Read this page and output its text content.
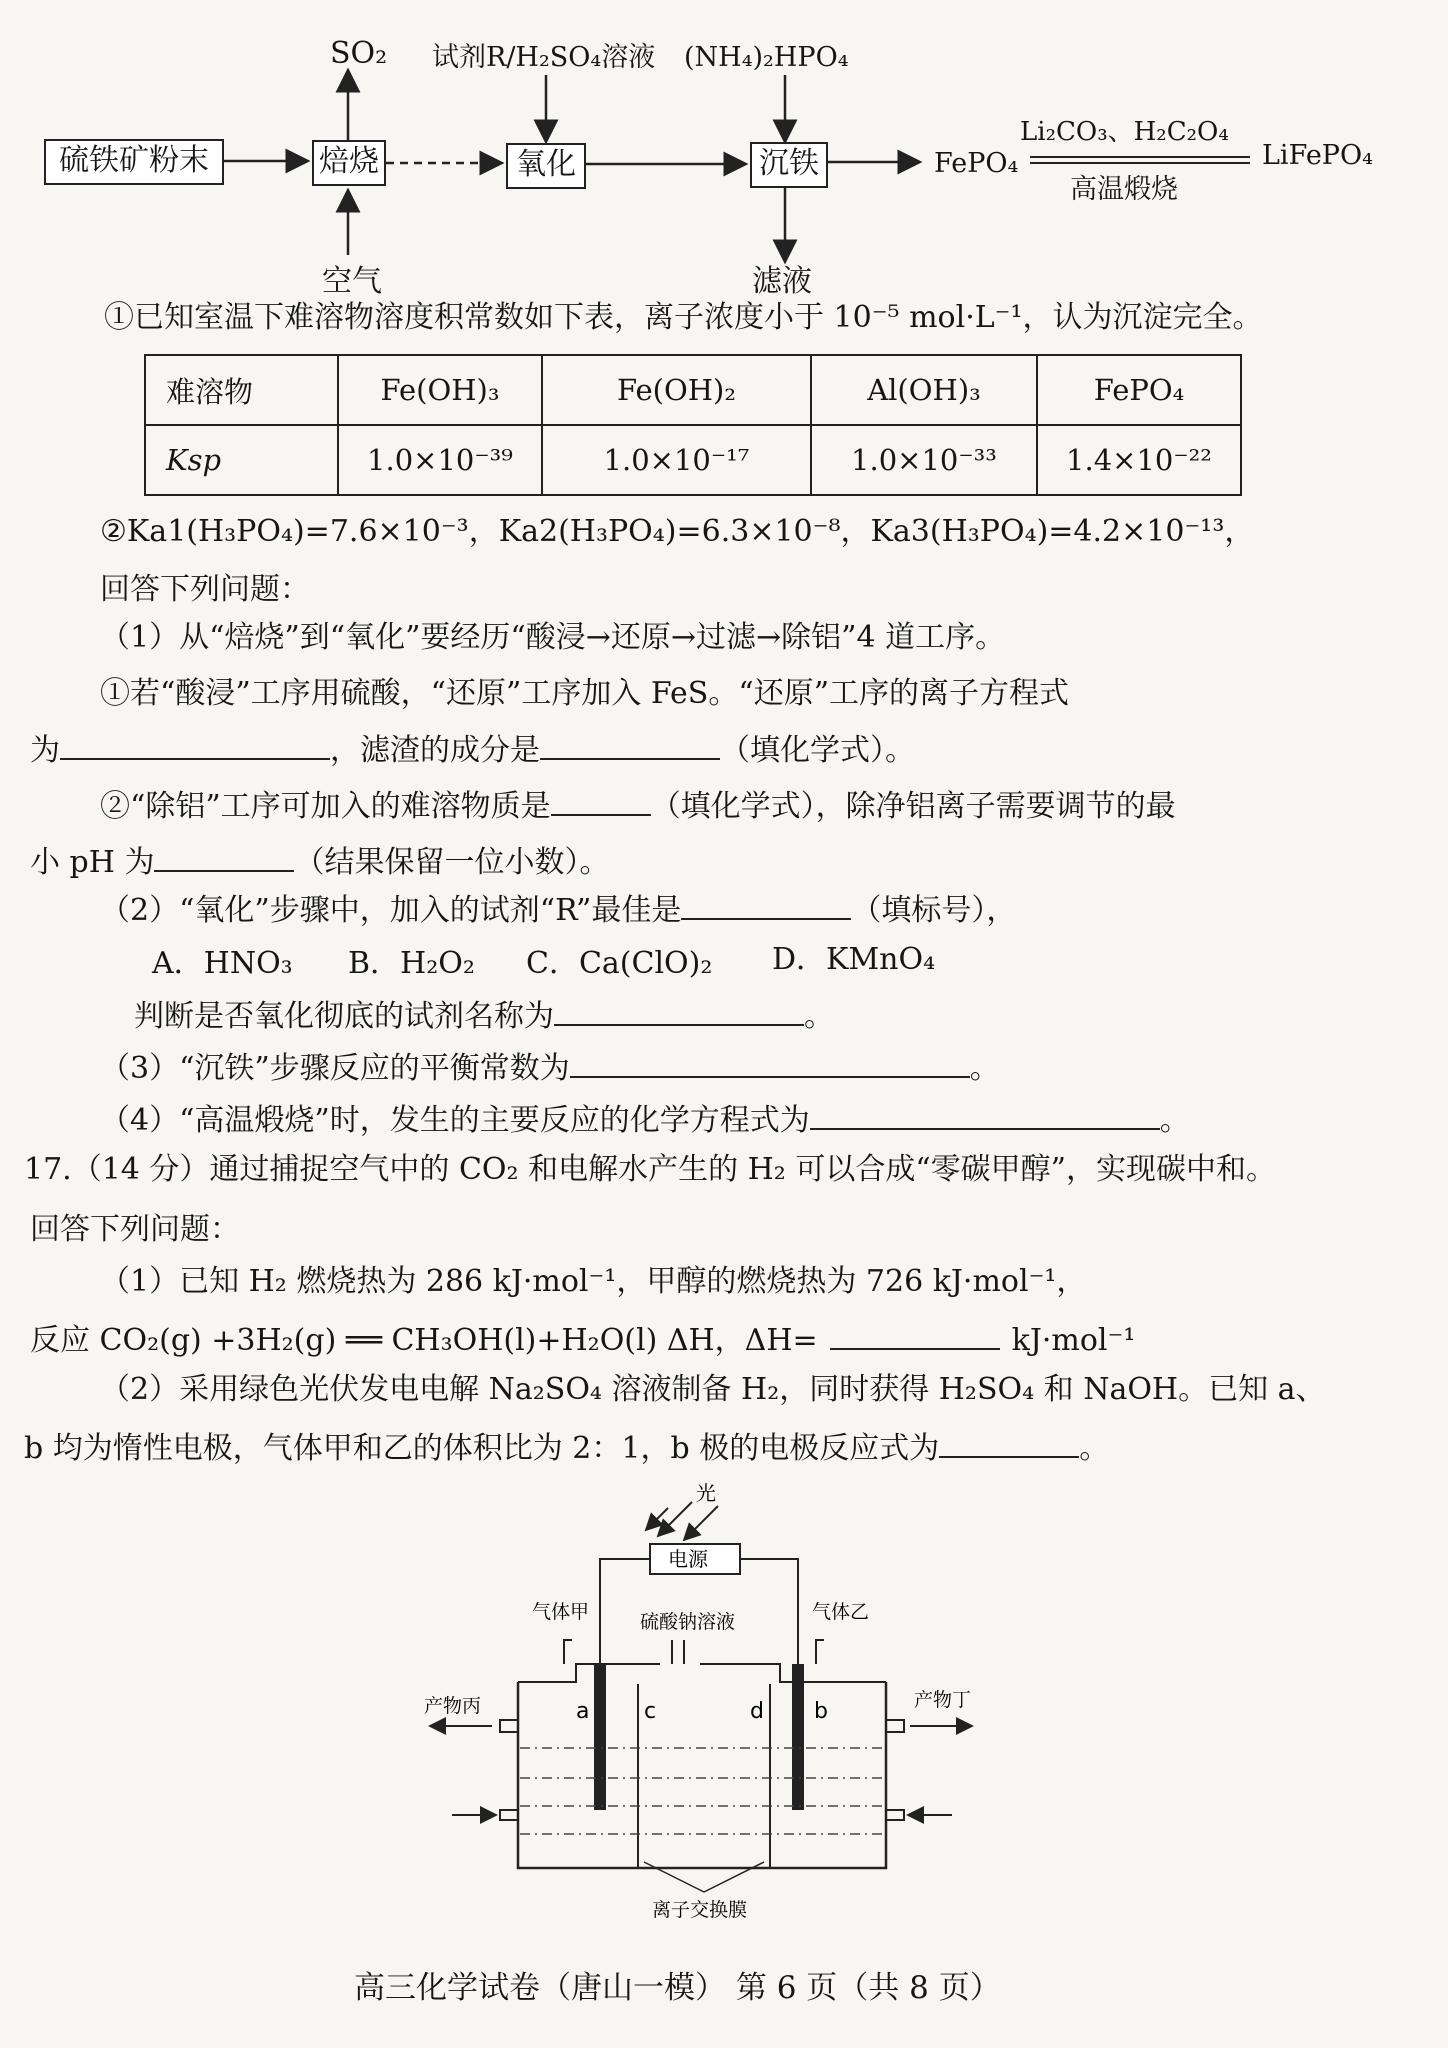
硫铁矿粉末	焙烧	氧化	沉铁
SO₂ 试剂R/H₂SO₄溶液 (NH₄)₂HPO₄
空气	滤液
FePO₄
Li₂CO₃、H₂C₂O₄
高温煅烧
LiFePO₄
①已知室温下难溶物溶度积常数如下表，离子浓度小于 10⁻⁵ mol·L⁻¹，认为沉淀完全。
难溶物	Fe(OH)₃	Fe(OH)₂	Al(OH)₃	FePO₄
Ksp	1.0×10⁻³⁹	1.0×10⁻¹⁷	1.0×10⁻³³	1.4×10⁻²²
②Ka1(H₃PO₄)=7.6×10⁻³，Ka2(H₃PO₄)=6.3×10⁻⁸，Ka3(H₃PO₄)=4.2×10⁻¹³，
回答下列问题：
（1）从“焙烧”到“氧化”要经历“酸浸→还原→过滤→除铝”4 道工序。
①若“酸浸”工序用硫酸，“还原”工序加入 FeS。“还原”工序的离子方程式
为	，滤渣的成分是	（填化学式）。
②“除铝”工序可加入的难溶物质是	（填化学式），除净铝离子需要调节的最
小 pH 为	（结果保留一位小数）。
（2）“氧化”步骤中，加入的试剂“R”最佳是	（填标号），
A．HNO₃ B．H₂O₂ C．Ca(ClO)₂ D．KMnO₄
判断是否氧化彻底的试剂名称为	。
（3）“沉铁”步骤反应的平衡常数为	。
（4）“高温煅烧”时，发生的主要反应的化学方程式为	。
17.（14 分）通过捕捉空气中的 CO₂ 和电解水产生的 H₂ 可以合成“零碳甲醇”，实现碳中和。
回答下列问题：
（1）已知 H₂ 燃烧热为 286 kJ·mol⁻¹，甲醇的燃烧热为 726 kJ·mol⁻¹，
反应 CO₂(g) +3H₂(g) ══ CH₃OH(l)+H₂O(l) ΔH，ΔH=	kJ·mol⁻¹
（2）采用绿色光伏发电电解 Na₂SO₄ 溶液制备 H₂，同时获得 H₂SO₄ 和 NaOH。已知 a、
b 均为惰性电极，气体甲和乙的体积比为 2：1，b 极的电极反应式为	。
光
电源
气体甲	气体乙
硫酸钠溶液
产物丙	产物丁
a c	d b
离子交换膜
高三化学试卷（唐山一模） 第 6 页（共 8 页）
